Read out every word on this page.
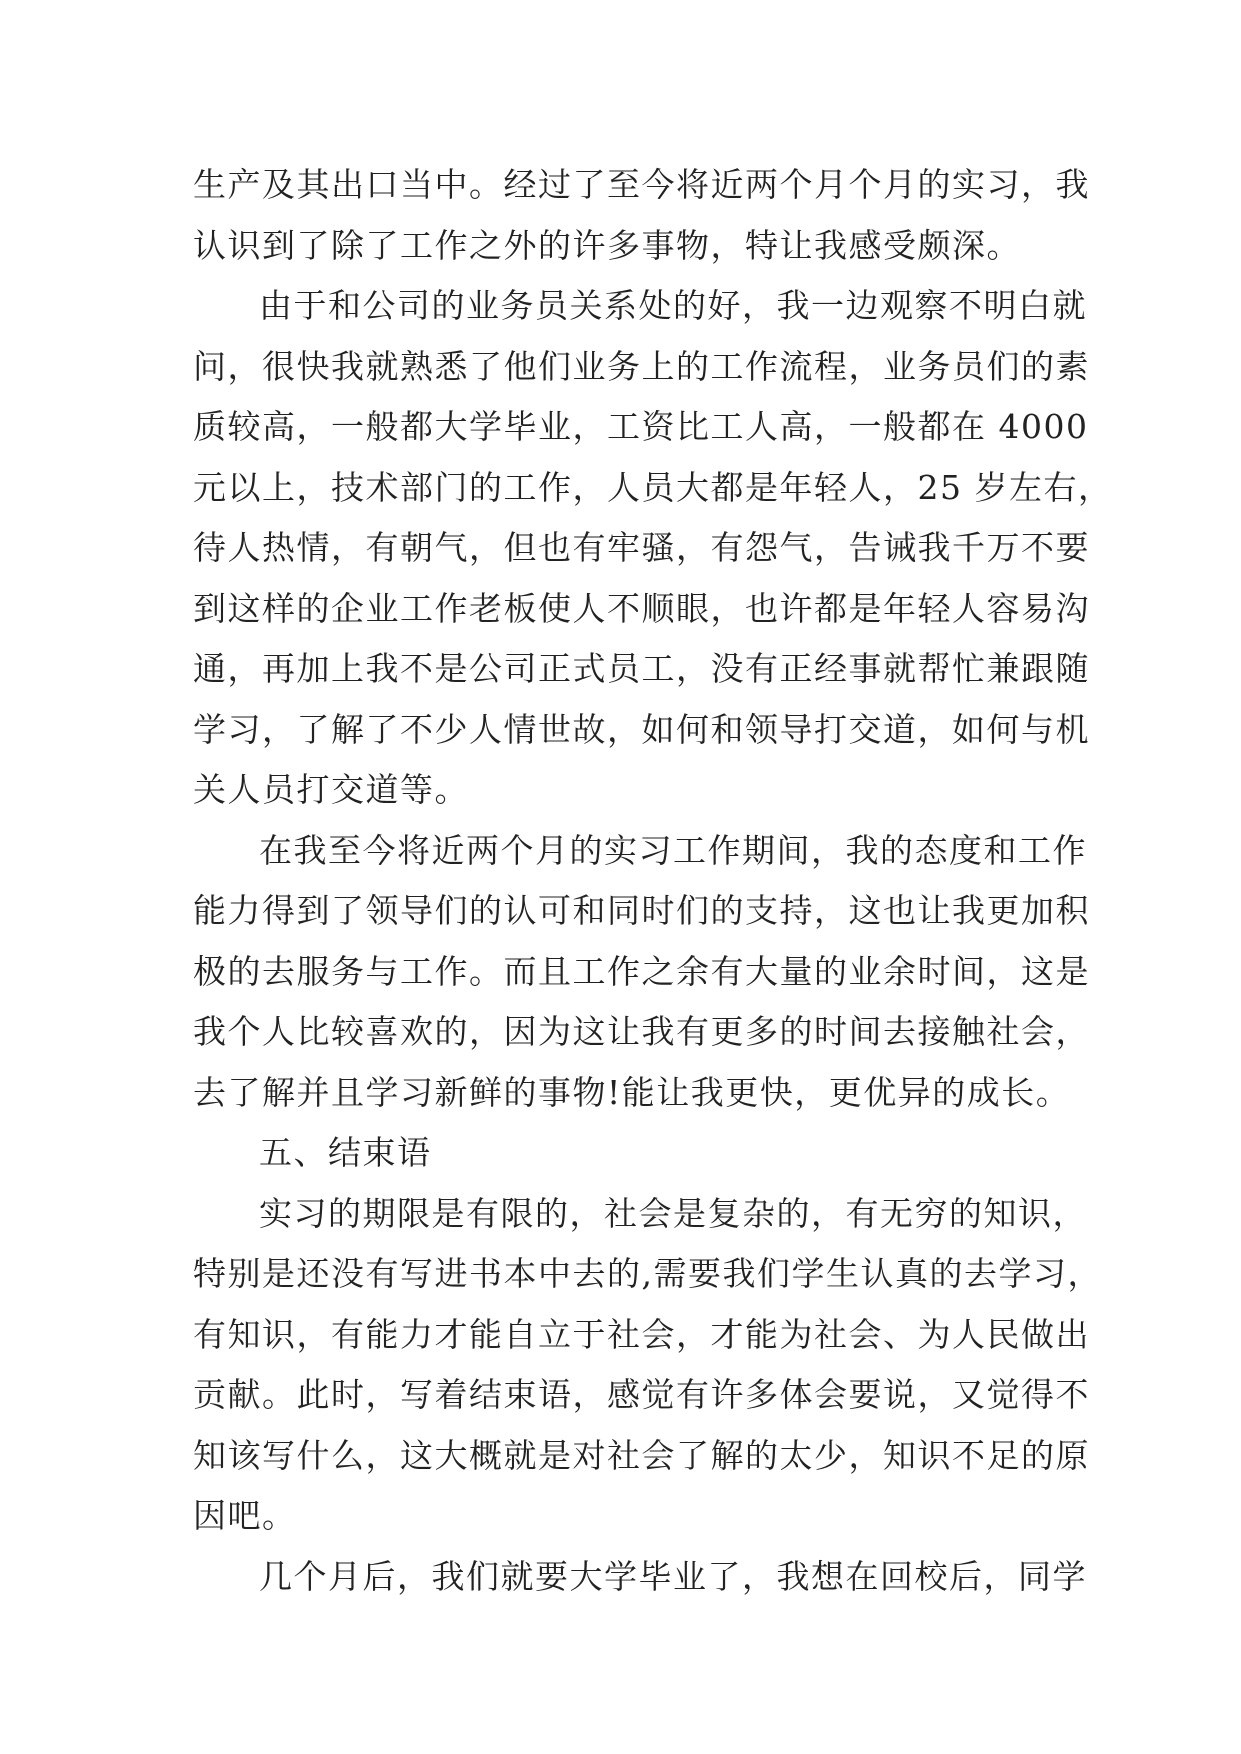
生产及其出口当中。经过了至今将近两个月个月的实习，我
认识到了除了工作之外的许多事物，特让我感受颇深。
由于和公司的业务员关系处的好，我一边观察不明白就
问，很快我就熟悉了他们业务上的工作流程，业务员们的素
质较高，一般都大学毕业，工资比工人高，一般都在 4000
元以上，技术部门的工作，人员大都是年轻人，25 岁左右，
待人热情，有朝气，但也有牢骚，有怨气，告诫我千万不要
到这样的企业工作老板使人不顺眼，也许都是年轻人容易沟
通，再加上我不是公司正式员工，没有正经事就帮忙兼跟随
学习，了解了不少人情世故，如何和领导打交道，如何与机
关人员打交道等。
在我至今将近两个月的实习工作期间，我的态度和工作
能力得到了领导们的认可和同时们的支持，这也让我更加积
极的去服务与工作。而且工作之余有大量的业余时间，这是
我个人比较喜欢的，因为这让我有更多的时间去接触社会，
去了解并且学习新鲜的事物!能让我更快，更优异的成长。
五、结束语
实习的期限是有限的，社会是复杂的，有无穷的知识，
特别是还没有写进书本中去的,需要我们学生认真的去学习，
有知识，有能力才能自立于社会，才能为社会、为人民做出
贡献。此时，写着结束语，感觉有许多体会要说，又觉得不
知该写什么，这大概就是对社会了解的太少，知识不足的原
因吧。
几个月后，我们就要大学毕业了，我想在回校后，同学
